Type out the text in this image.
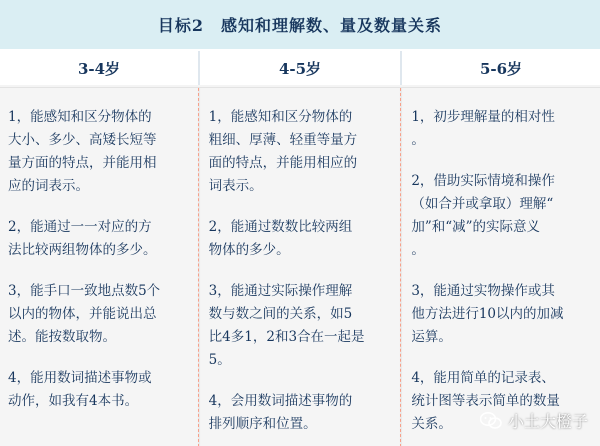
目标2　感知和理解数、量及数量关系
3-4岁	4-5岁	5-6岁

1，能感知和区分物体的
大小、多少、高矮长短等
量方面的特点，并能用相
应的词表示。

2，能通过一一对应的方
法比较两组物体的多少。

3，能手口一致地点数5个
以内的物体，并能说出总
述。能按数取物。

4，能用数词描述事物或
动作，如我有4本书。

1，能感知和区分物体的
粗细、厚薄、轻重等量方
面的特点，并能用相应的
词表示。

2，能通过数数比较两组
物体的多少。

3，能通过实际操作理解
数与数之间的关系，如5
比4多1，2和3合在一起是
5。

4，会用数词描述事物的
排列顺序和位置。

1，初步理解量的相对性
。

2，借助实际情境和操作
（如合并或拿取）理解“
加”和“减”的实际意义
。

3，能通过实物操作或其
他方法进行10以内的加减
运算。

4，能用简单的记录表、
统计图等表示简单的数量
关系。	小土大橙子
